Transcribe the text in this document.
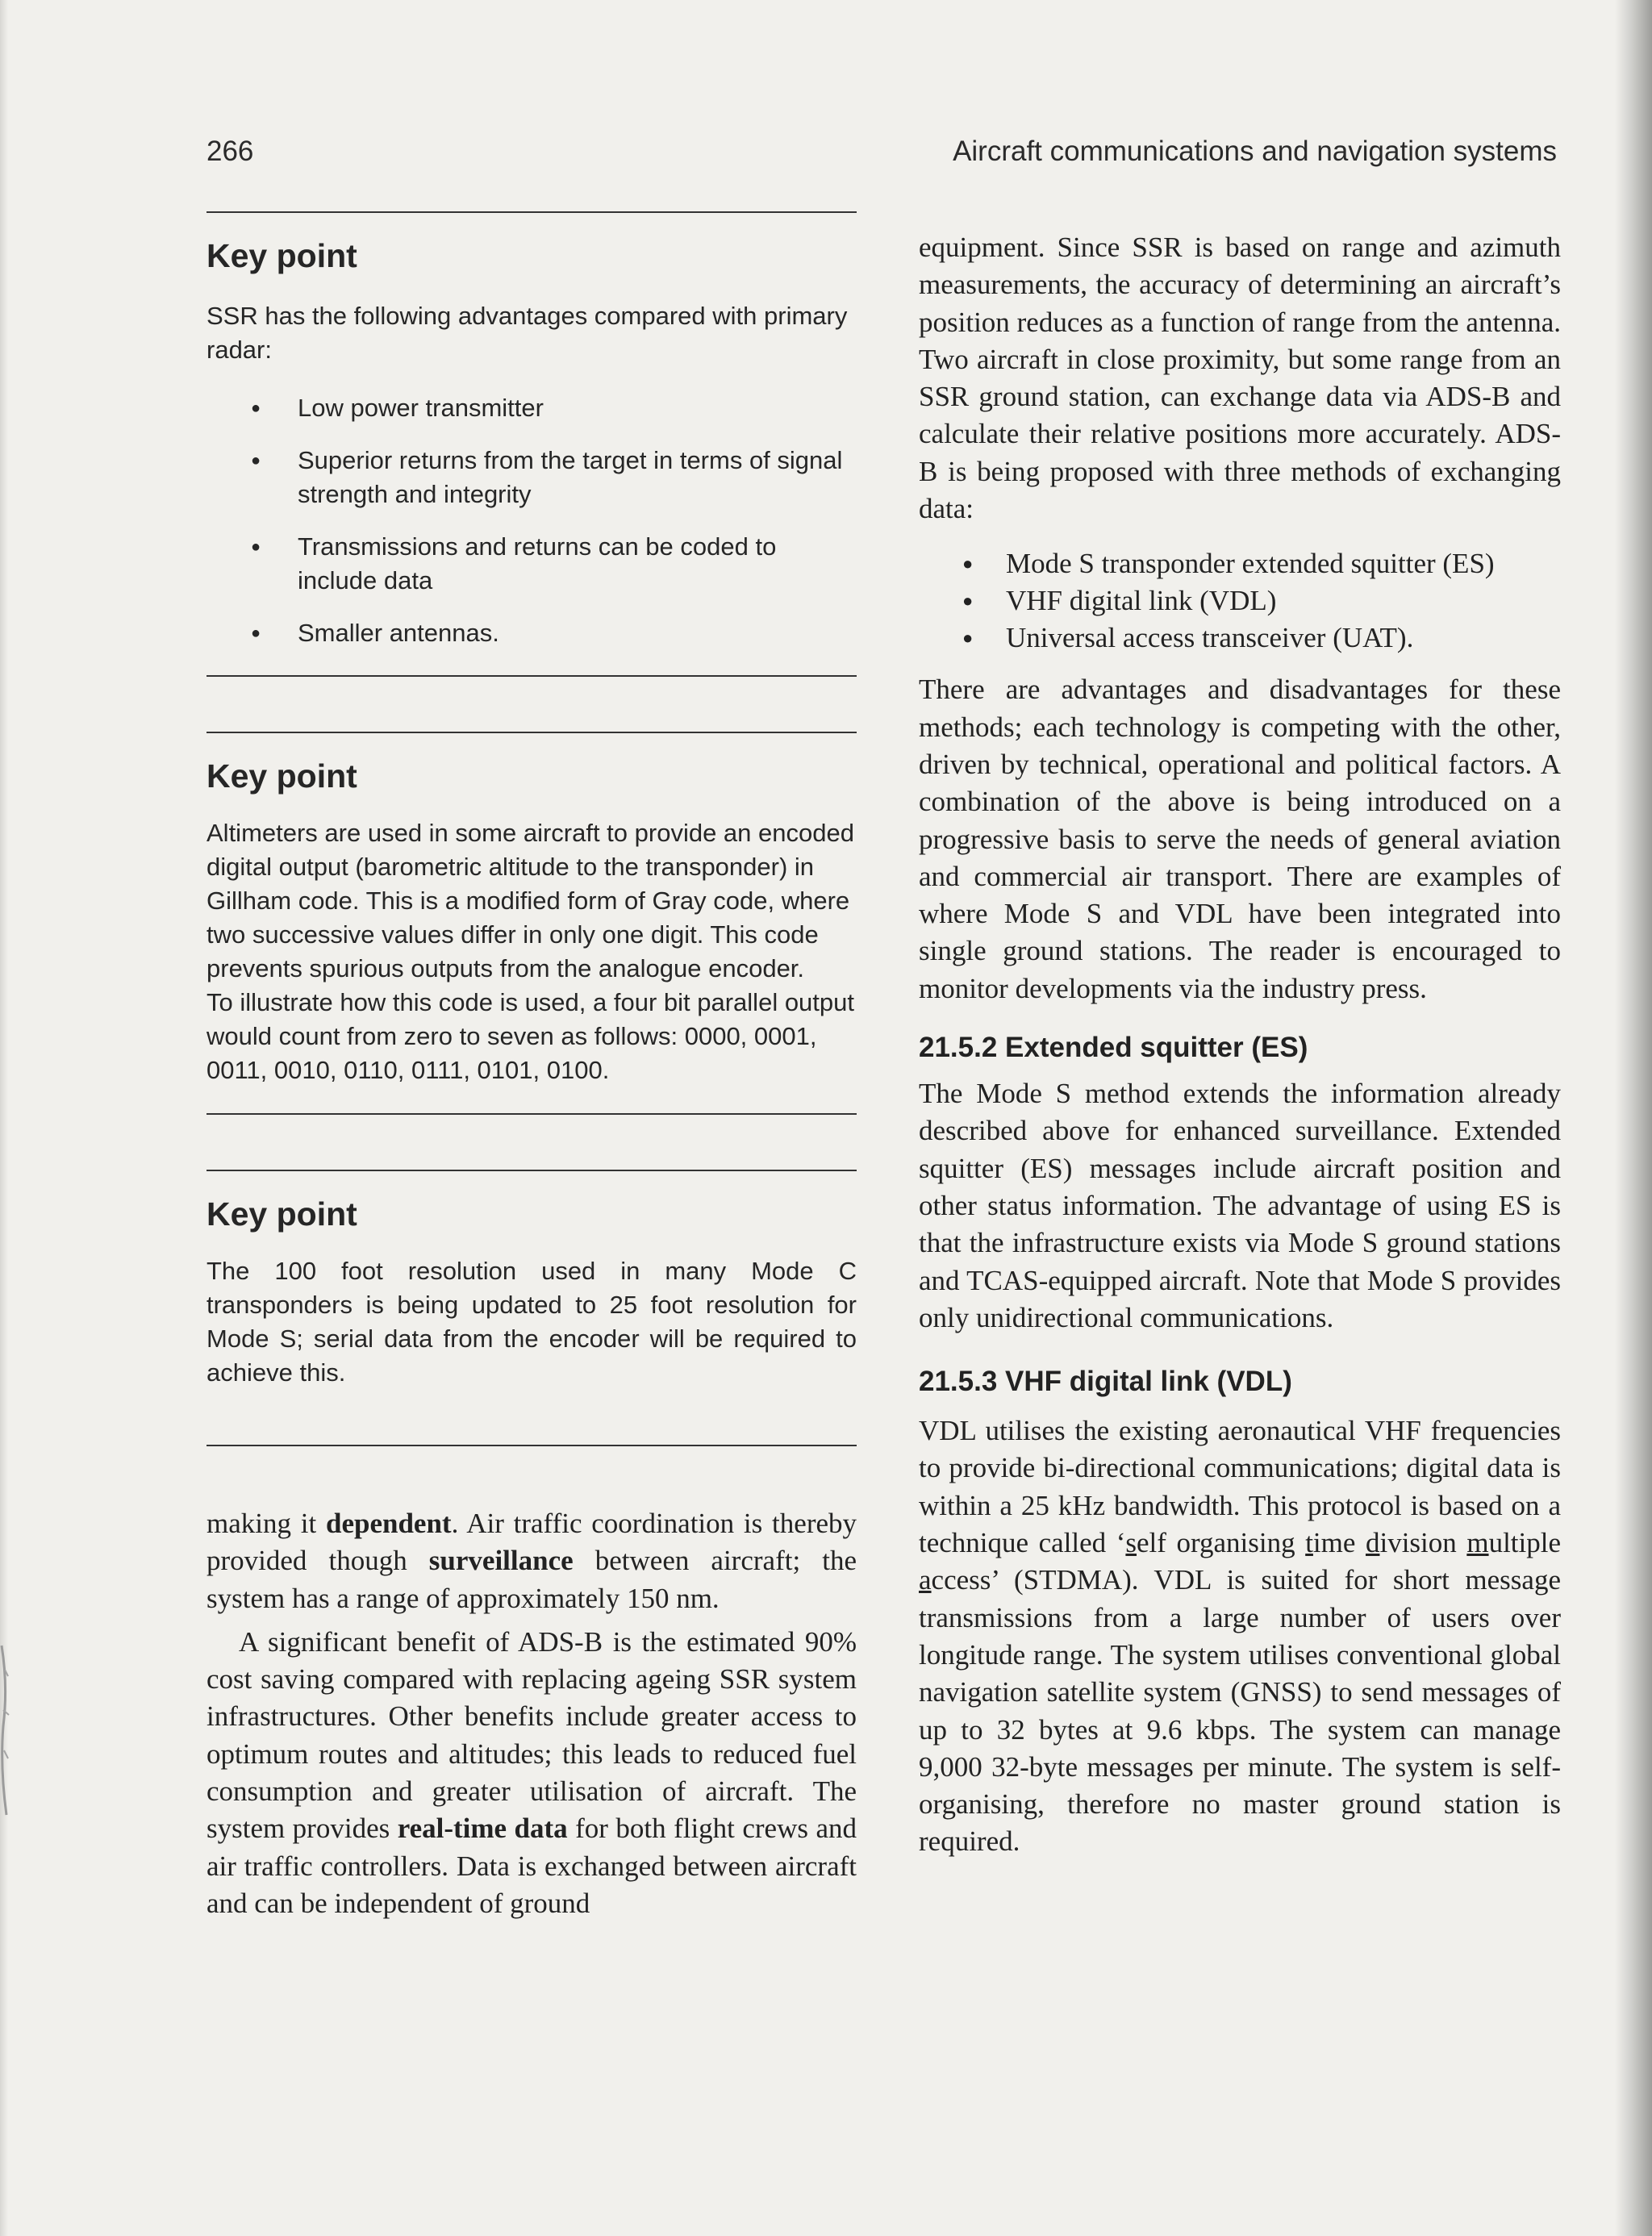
266	Aircraft communications and navigation systems
Key point

SSR has the following advantages compared with primary radar:

● Low power transmitter
● Superior returns from the target in terms of signal strength and integrity
● Transmissions and returns can be coded to include data
● Smaller antennas.
Key point

Altimeters are used in some aircraft to provide an encoded digital output (barometric altitude to the transponder) in Gillham code. This is a modified form of Gray code, where two successive values differ in only one digit. This code prevents spurious outputs from the analogue encoder.

To illustrate how this code is used, a four bit parallel output would count from zero to seven as follows: 0000, 0001, 0011, 0010, 0110, 0111, 0101, 0100.

Key point

The 100 foot resolution used in many Mode C transponders is being updated to 25 foot resolution for Mode S; serial data from the encoder will be required to achieve this.

making it dependent. Air traffic coordination is thereby provided though surveillance between aircraft; the system has a range of approximately 150 nm.

A significant benefit of ADS-B is the estimated 90% cost saving compared with replacing ageing SSR system infrastructures. Other benefits include greater access to optimum routes and altitudes; this leads to reduced fuel consumption and greater utilisation of aircraft. The system provides real-time data for both flight crews and air traffic controllers. Data is exchanged between aircraft and can be independent of ground

equipment. Since SSR is based on range and azimuth measurements, the accuracy of determining an aircraft’s position reduces as a function of range from the antenna. Two aircraft in close proximity, but some range from an SSR ground station, can exchange data via ADS-B and calculate their relative positions more accurately. ADS-B is being proposed with three methods of exchanging data:

● Mode S transponder extended squitter (ES)
● VHF digital link (VDL)
● Universal access transceiver (UAT).

There are advantages and disadvantages for these methods; each technology is competing with the other, driven by technical, operational and political factors. A combination of the above is being introduced on a progressive basis to serve the needs of general aviation and commercial air transport. There are examples of where Mode S and VDL have been integrated into single ground stations. The reader is encouraged to monitor developments via the industry press.

21.5.2 Extended squitter (ES)

The Mode S method extends the information already described above for enhanced surveillance. Extended squitter (ES) messages include aircraft position and other status information. The advantage of using ES is that the infrastructure exists via Mode S ground stations and TCAS-equipped aircraft. Note that Mode S provides only unidirectional communications.

21.5.3 VHF digital link (VDL)

VDL utilises the existing aeronautical VHF frequencies to provide bi-directional communications; digital data is within a 25 kHz bandwidth. This protocol is based on a technique called ‘self organising time division multiple access’ (STDMA). VDL is suited for short message transmissions from a large number of users over longitude range. The system utilises conventional global navigation satellite system (GNSS) to send messages of up to 32 bytes at 9.6 kbps. The system can manage 9,000 32-byte messages per minute. The system is self-organising, therefore no master ground station is required.
